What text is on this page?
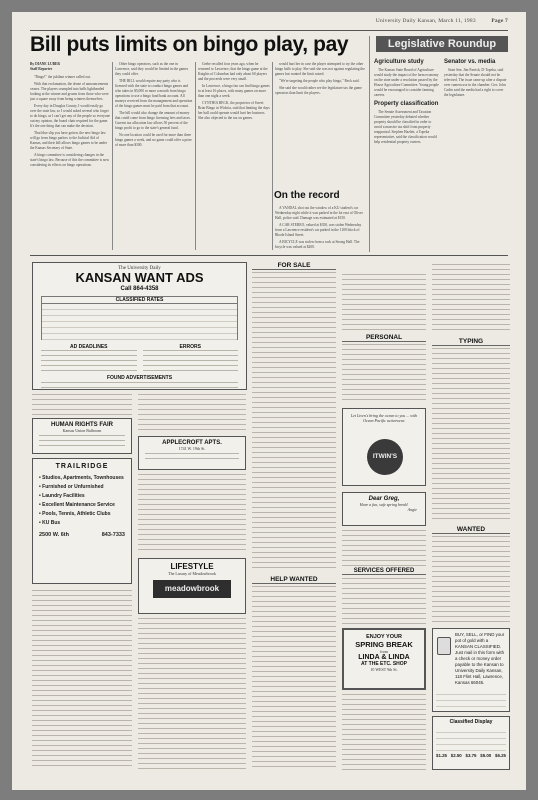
University Daily Kansan, March 11, 1983	Page 7
Bill puts limits on bingo play, pay	Legislative Roundup
By DIANE LUBER
Staff Reporter

"Bingo!" the jubilant winner called out.

With that exclamation, the drone of announcements ceases. The players crumpled into balls lightheaded looking at the winner and groans from those who were just a square away from being winners themselves.

Every day in Douglas County, I would easily go over the state law, so I would asked several who forget to do bingo, as I can't get any of the people so everyone out my opinion, the board chair required for the game. It's the one thing that can make the decision.

That blue slip you have gotten, the new bingo law will go from bingo parlors to the Judicial Aid of Kansas, and their bill allows bingo games to be under the Kansas Secretary of State.

A bingo committee is considering changes in the state's bingo law. Because of this the committee is now considering its effects on bingo operations.

Other bingo operators, such as the one in Lawrence, said they would be limited in the games they could offer.

THE BILL would require any party who is licensed with the state to conduct bingo games and who takes in $5,000 or more a month from bingo operations to use a bingo fund bank account. All moneys received from the management and operation of the bingo games must be paid from that account.

The bill would also change the amount of money that could come from bingo licensing fees and taxes. Current tax allocation law allows 50 percent of the bingo profit to go to the state's general fund.

No one location could be used for more than three bingo games a week, and no game could offer a prize of more than $300.

Grebe recalled four years ago, when he returned to Lawrence, that the bingo game at the Knights of Columbus had only about 60 players and the proceeds were very small.

In Lawrence, a bingo fan can find bingo games in at least 16 places, with many games on more than one night a week.

CYNTHIA BECK, the proprietor of Sweet Briar Bingo in Wichita, said that limiting the days her hall could operate would hurt her business. She also objected to the tax on games.

would hurt her in case the player attempted to try the other bingo halls to play. She said she was not against regulating the games but wanted the limit raised.

"We're targeting the people who play bingo," Beck said.

She said she would rather see the legislature tax the game operators than limit the players.

On the record

A VANDAL shot out the window of a KU student's car Wednesday night while it was parked in the lot east of Oliver Hall, police said. Damage was estimated at $150.

A CAR STEREO, valued at $350, was stolen Wednesday from a Lawrence resident's car parked in the 1100 block of Rhode Island Street.

A BICYCLE was stolen from a rack at Strong Hall. The bicycle was valued at $200.

Agriculture study

The Kansas State Board of Agriculture would study the impact of the farm economy on the state under a resolution passed by the House Agriculture Committee. Young people would be encouraged to consider farming careers.

Property classification

The Senate Assessment and Taxation Committee yesterday debated whether property should be classified in order to avoid a massive tax shift from property reappraisal. Stephen Hazlett, a Topeka representative, said the classification would help residential property owners.

Senator vs. media

State Sen. Jim Parrish, D-Topeka, said yesterday that the Senate should not be televised. The issue came up after a dispute over camera use in the chamber. Gov. John Carlin said the media had a right to cover the legislature.

The University Daily
KANSAN WANT ADS
Call 864-4358
CLASSIFIED RATES
AD DEADLINES	ERRORS
FOUND ADVERTISEMENTS
FOR SALE
PERSONAL
TYPING
HUMAN RIGHTS FAIR
Kansas Union Ballroom
APPLECROFT APTS.
1741 W. 19th St.
TRAILRIDGE
• Studios, Apartments, Townhouses
• Furnished or Unfurnished
• Laundry Facilities
• Excellent Maintenance Service
• Pools, Tennis, Athletic Clubs
• KU Bus
2500 W. 6th	843-7333
LIFESTYLE
The Luxury of Meadowbrook
meadowbrook
HELP WANTED
Let Liven's bring the ocean to you ... with Ocean Pacific activewear.
ITWIN'S
Dear Greg,
Have a fun, safe spring break!
Angie
SERVICES OFFERED
ENJOY YOUR
SPRING BREAK
from
LINDA & LINDA
AT THE ETC. SHOP
10 WEST 9th St.
WANTED
BUY, SELL, or FIND your pot of gold with a KANSAN CLASSIFIED. Just mail in this form with a check or money order payable to the Kansan to University Daily Kansan, 118 Flint Hall, Lawrence, Kansas 66045.
Classified Display
$1.25 $2.50 $3.75 $5.00 $6.25
